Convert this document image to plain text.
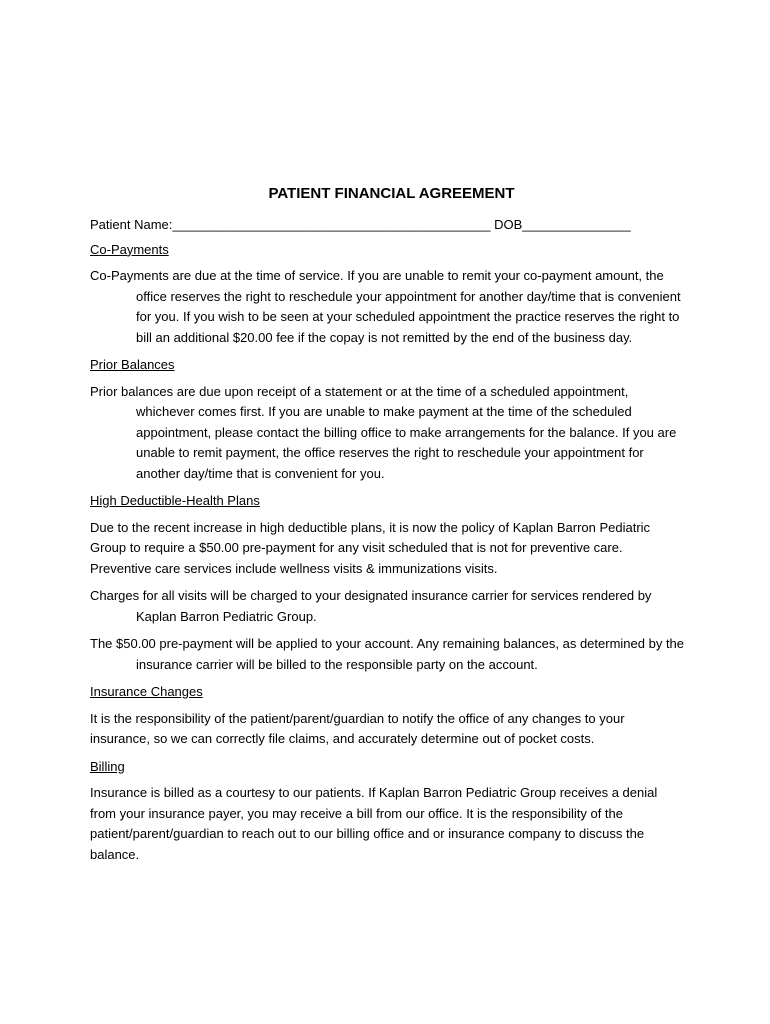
PATIENT FINANCIAL AGREEMENT
Patient Name:____________________________________________ DOB_______________
Co-Payments
Co-Payments are due at the time of service. If you are unable to remit your co-payment amount, the office reserves the right to reschedule your appointment for another day/time that is convenient for you. If you wish to be seen at your scheduled appointment the practice reserves the right to bill an additional $20.00 fee if the copay is not remitted by the end of the business day.
Prior Balances
Prior balances are due upon receipt of a statement or at the time of a scheduled appointment, whichever comes first. If you are unable to make payment at the time of the scheduled appointment, please contact the billing office to make arrangements for the balance. If you are unable to remit payment, the office reserves the right to reschedule your appointment for another day/time that is convenient for you.
High Deductible-Health Plans
Due to the recent increase in high deductible plans, it is now the policy of Kaplan Barron Pediatric Group to require a $50.00 pre-payment for any visit scheduled that is not for preventive care. Preventive care services include wellness visits & immunizations visits.
Charges for all visits will be charged to your designated insurance carrier for services rendered by Kaplan Barron Pediatric Group.
The $50.00 pre-payment will be applied to your account. Any remaining balances, as determined by the insurance carrier will be billed to the responsible party on the account.
Insurance Changes
It is the responsibility of the patient/parent/guardian to notify the office of any changes to your insurance, so we can correctly file claims, and accurately determine out of pocket costs.
Billing
Insurance is billed as a courtesy to our patients. If Kaplan Barron Pediatric Group receives a denial from your insurance payer, you may receive a bill from our office. It is the responsibility of the patient/parent/guardian to reach out to our billing office and or insurance company to discuss the balance.
